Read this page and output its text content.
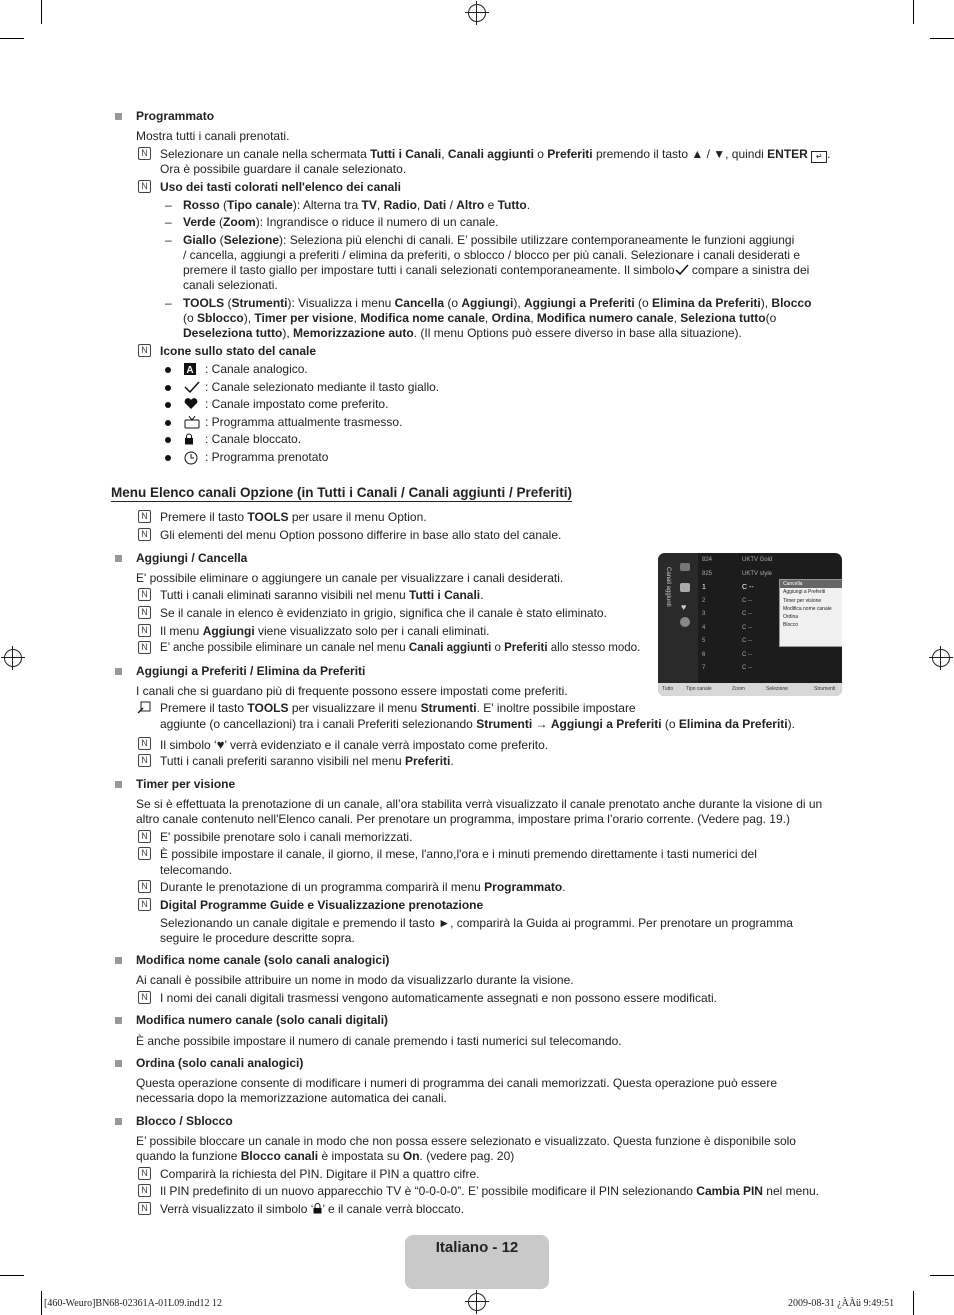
Programmato
Mostra tutti i canali prenotati.
N Selezionare un canale nella schermata Tutti i Canali, Canali aggiunti o Preferiti premendo il tasto ▲ / ▼, quindi ENTER ↵ .
Ora è possibile guardare il canale selezionato.
N Uso dei tasti colorati nell'elenco dei canali
– Rosso (Tipo canale): Alterna tra TV, Radio, Dati / Altro e Tutto.
– Verde (Zoom): Ingrandisce o riduce il numero di un canale.
– Giallo (Selezione): Seleziona più elenchi di canali. E’ possibile utilizzare contemporaneamente le funzioni aggiungi
/ cancella, aggiungi a preferiti / elimina da preferiti, o sblocco / blocco per più canali. Selezionare i canali desiderati e
premere il tasto giallo per impostare tutti i canali selezionati contemporaneamente. Il simbolo compare a sinistra dei
canali selezionati.
– TOOLS (Strumenti): Visualizza i menu Cancella (o Aggiungi), Aggiungi a Preferiti (o Elimina da Preferiti), Blocco
(o Sblocco), Timer per visione, Modifica nome canale, Ordina, Modifica numero canale, Seleziona tutto(o
Deseleziona tutto), Memorizzazione auto. (Il menu Options può essere diverso in base alla situazione).
N Icone sullo stato del canale
A : Canale analogico.
: Canale selezionato mediante il tasto giallo.
: Canale impostato come preferito.
: Programma attualmente trasmesso.
: Canale bloccato.
: Programma prenotato
Menu Elenco canali Opzione (in Tutti i Canali / Canali aggiunti / Preferiti)
N Premere il tasto TOOLS per usare il menu Option.
N Gli elementi del menu Option possono differire in base allo stato del canale.
Aggiungi / Cancella
E' possibile eliminare o aggiungere un canale per visualizzare i canali desiderati.
N Tutti i canali eliminati saranno visibili nel menu Tutti i Canali.
N Se il canale in elenco è evidenziato in grigio, significa che il canale è stato eliminato.
N Il menu Aggiungi viene visualizzato solo per i canali eliminati.
N E’ anche possibile eliminare un canale nel menu Canali aggiunti o Preferiti allo stesso modo.
Canali aggiunti
♥
824	UKTV Gold
825	UKTV style
1	C --
2	C --
3	C --
4	C --
5	C --
6	C --
7	C --
Cancella
Aggiungi a Preferiti
Timer per visione
Modifica nome canale
Ordina
Blocco
Tutto	Tipo canale	Zoom	Selezione	Strumenti
Aggiungi a Preferiti / Elimina da Preferiti
I canali che si guardano più di frequente possono essere impostati come preferiti.
Premere il tasto TOOLS per visualizzare il menu Strumenti. E' inoltre possibile impostare
aggiunte (o cancellazioni) tra i canali Preferiti selezionando Strumenti → Aggiungi a Preferiti (o Elimina da Preferiti).
N Il simbolo ‘♥’ verrà evidenziato e il canale verrà impostato come preferito.
N Tutti i canali preferiti saranno visibili nel menu Preferiti.
Timer per visione
Se si è effettuata la prenotazione di un canale, all’ora stabilita verrà visualizzato il canale prenotato anche durante la visione di un
altro canale contenuto nell'Elenco canali. Per prenotare un programma, impostare prima l’orario corrente. (Vedere pag. 19.)
N E' possibile prenotare solo i canali memorizzati.
N È possibile impostare il canale, il giorno, il mese, l'anno,l'ora e i minuti premendo direttamente i tasti numerici del
telecomando.
N Durante le prenotazione di un programma comparirà il menu Programmato.
N Digital Programme Guide e Visualizzazione prenotazione
Selezionando un canale digitale e premendo il tasto ►, comparirà la Guida ai programmi. Per prenotare un programma
seguire le procedure descritte sopra.
Modifica nome canale (solo canali analogici)
Ai canali è possibile attribuire un nome in modo da visualizzarlo durante la visione.
N I nomi dei canali digitali trasmessi vengono automaticamente assegnati e non possono essere modificati.
Modifica numero canale (solo canali digitali)
È anche possibile impostare il numero di canale premendo i tasti numerici sul telecomando.
Ordina (solo canali analogici)
Questa operazione consente di modificare i numeri di programma dei canali memorizzati. Questa operazione può essere
necessaria dopo la memorizzazione automatica dei canali.
Blocco / Sblocco
E’ possibile bloccare un canale in modo che non possa essere selezionato e visualizzato. Questa funzione è disponibile solo
quando la funzione Blocco canali è impostata su On. (vedere pag. 20)
N Comparirà la richiesta del PIN. Digitare il PIN a quattro cifre.
N Il PIN predefinito di un nuovo apparecchio TV è “0-0-0-0”. E’ possibile modificare il PIN selezionando Cambia PIN nel menu.
N Verrà visualizzato il simbolo ‘ ’ e il canale verrà bloccato.
Italiano - 12
[460-Weuro]BN68-02361A-01L09.ind12 12	2009-08-31 ¿ÀÀü 9:49:51
